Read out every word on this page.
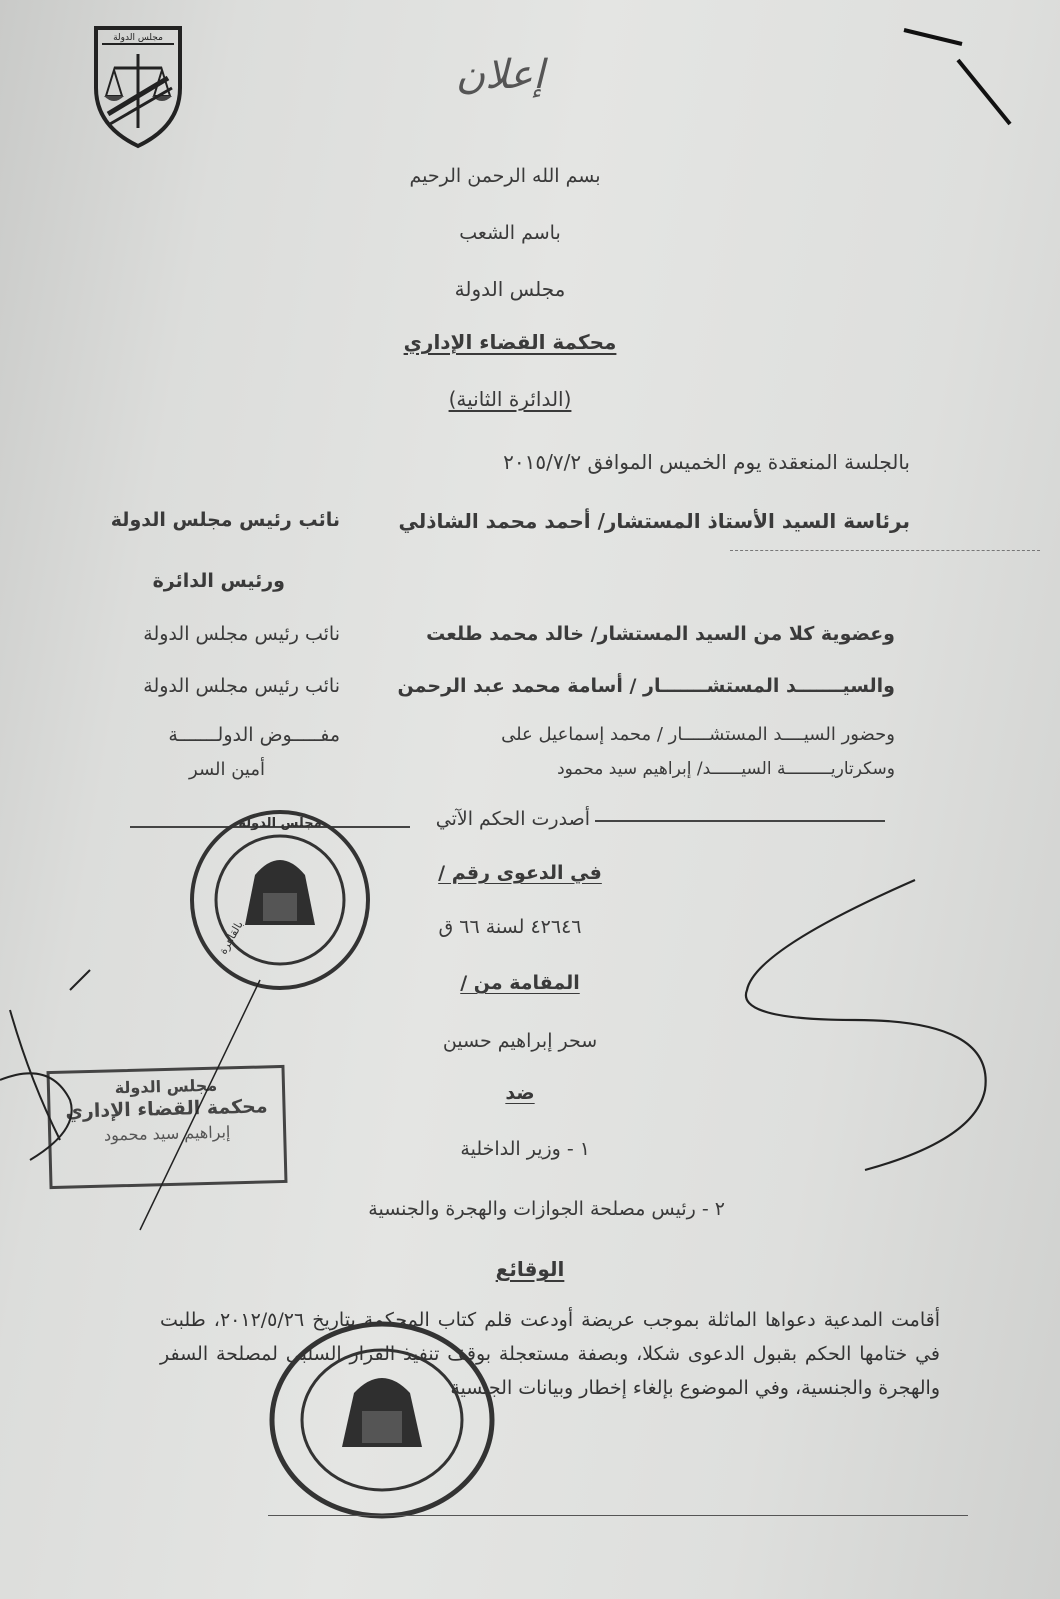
مجلس الدولة
إعلان
بسم الله الرحمن الرحيم
باسم الشعب
مجلس الدولة
محكمة القضاء الإداري
(الدائرة الثانية)
بالجلسة المنعقدة يوم الخميس الموافق ٢٠١٥/٧/٢
برئاسة السيد الأستاذ المستشار/ أحمد محمد الشاذلي
نائب رئيس مجلس الدولة
ورئيس الدائرة
وعضوية كلا من السيد المستشار/ خالد محمد طلعت
نائب رئيس مجلس الدولة
والسيـــــــد المستشـــــــار / أسامة محمد عبد الرحمن
نائب رئيس مجلس الدولة
وحضور السيــــد المستشـــــار / محمد إسماعيل على
مفـــــوض الدولـــــــة
وسكرتاريـــــــــة السيــــــد/ إبراهيم سيد محمود
أمين السر
أصدرت الحكم الآتي
في الدعوى رقم /
٤٢٦٤٦ لسنة ٦٦ ق
المقامة من /
سحر إبراهيم حسين
ضد
١ - وزير الداخلية
٢ - رئيس مصلحة الجوازات والهجرة والجنسية
الوقائع
أقامت المدعية دعواها الماثلة بموجب عريضة أودعت قلم كتاب المحكمة بتاريخ ٢٠١٢/٥/٢٦، طلبت في ختامها الحكم بقبول الدعوى شكلا، وبصفة مستعجلة بوقف تنفيذ القرار السلبي لمصلحة السفر والهجرة والجنسية، وفي الموضوع بإلغاء إخطار وبيانات الجنسية
مجلس الدولة
بالقاهرة
مجلس الدولة
محكمة القضاء الإداري
إبراهيم سيد محمود
